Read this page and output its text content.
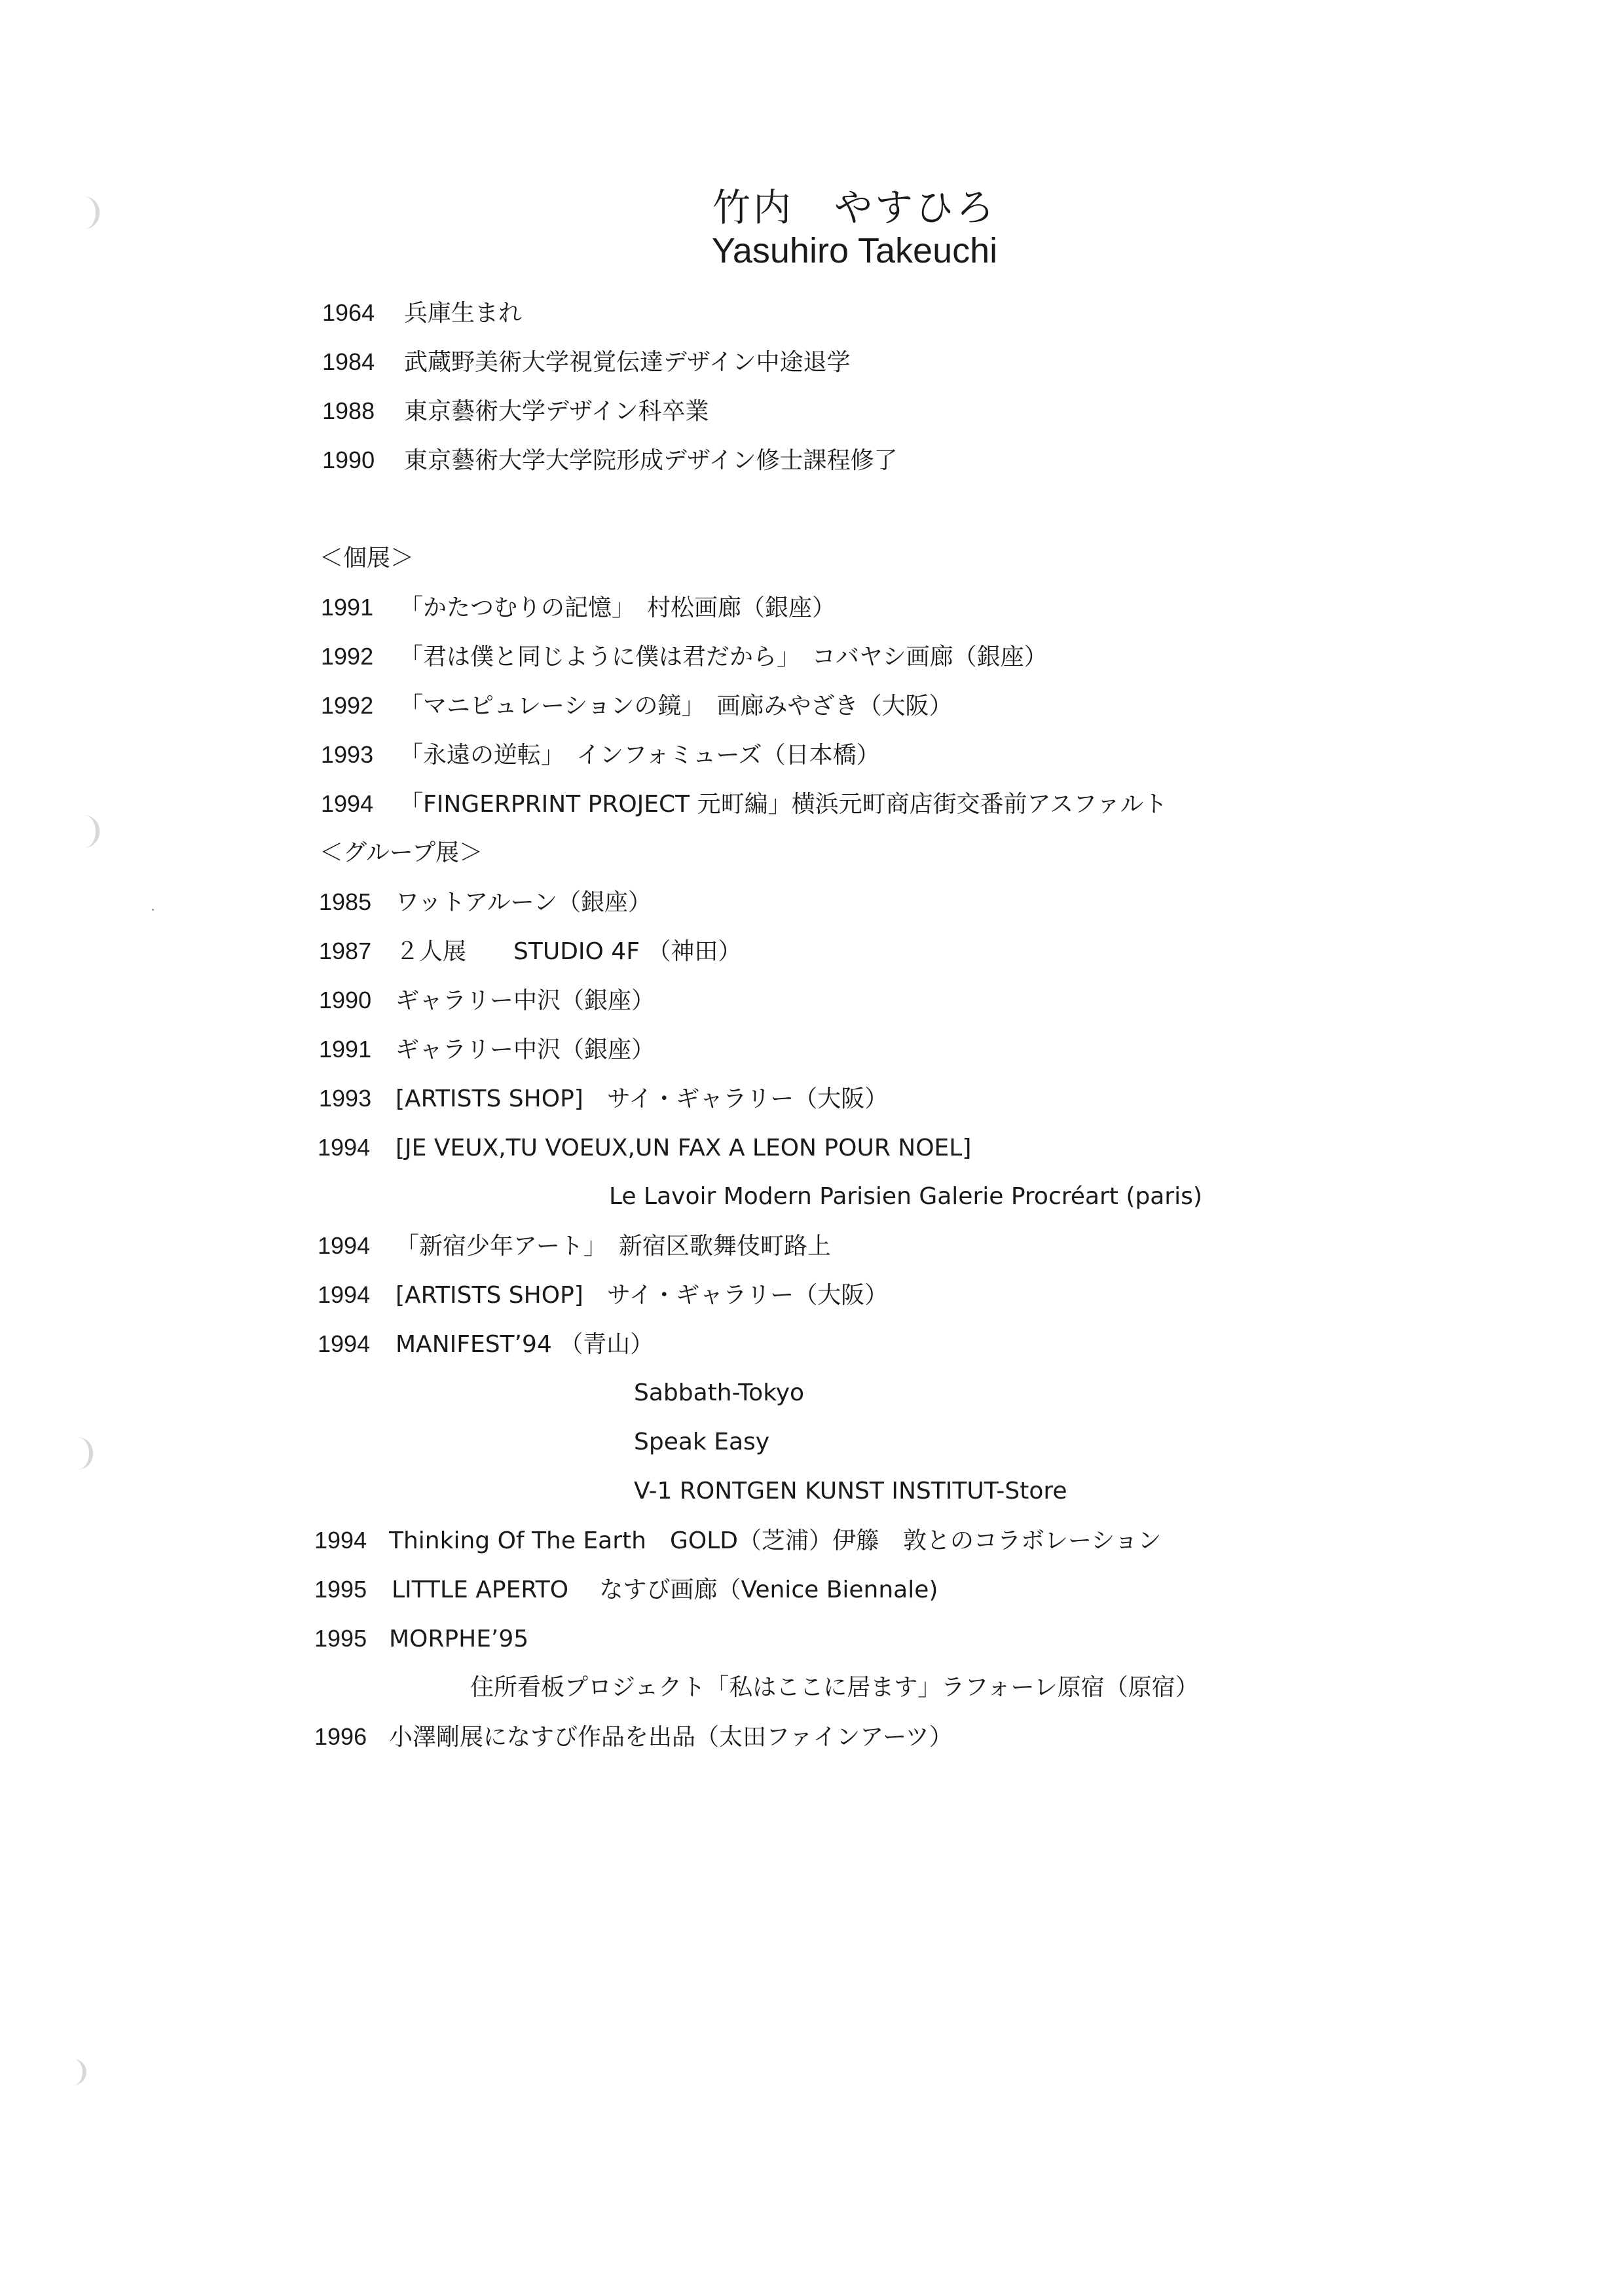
竹内　やすひろ
Yasuhiro Takeuchi
1964 兵庫生まれ
1984 武蔵野美術大学視覚伝達デザイン中途退学
1988 東京藝術大学デザイン科卒業
1990 東京藝術大学大学院形成デザイン修士課程修了
＜個展＞
1991 「かたつむりの記憶」　村松画廊（銀座）
1992 「君は僕と同じように僕は君だから」　コバヤシ画廊（銀座）
1992 「マニピュレーションの鏡」　画廊みやざき（大阪）
1993 「永遠の逆転」　インフォミューズ（日本橋）
1994 「FINGERPRINT PROJECT 元町編」横浜元町商店街交番前アスファルト
＜グループ展＞
1985 ワットアルーン（銀座）
1987 ２人展　　STUDIO 4F （神田）
1990 ギャラリー中沢（銀座）
1991 ギャラリー中沢（銀座）
1993[ARTISTS SHOP]　サイ・ギャラリー（大阪）
1994[JE VEUX,TU VOEUX,UN FAX A LEON POUR NOEL]
Le Lavoir Modern Parisien Galerie Procréart (paris)
1994 「新宿少年アート」　新宿区歌舞伎町路上
1994[ARTISTS SHOP]　サイ・ギャラリー（大阪）
1994MANIFEST’94 （青山）
Sabbath-Tokyo
Speak Easy
V-1 RONTGEN KUNST INSTITUT-Store
1994 Thinking Of The Earth　GOLD（芝浦）伊籐　敦とのコラボレーション
1995 LITTLE APERTO　 なすび画廊（Venice Biennale)
1995 MORPHE’95
住所看板プロジェクト「私はここに居ます」ラフォーレ原宿（原宿）
1996 小澤剛展になすび作品を出品（太田ファインアーツ）
